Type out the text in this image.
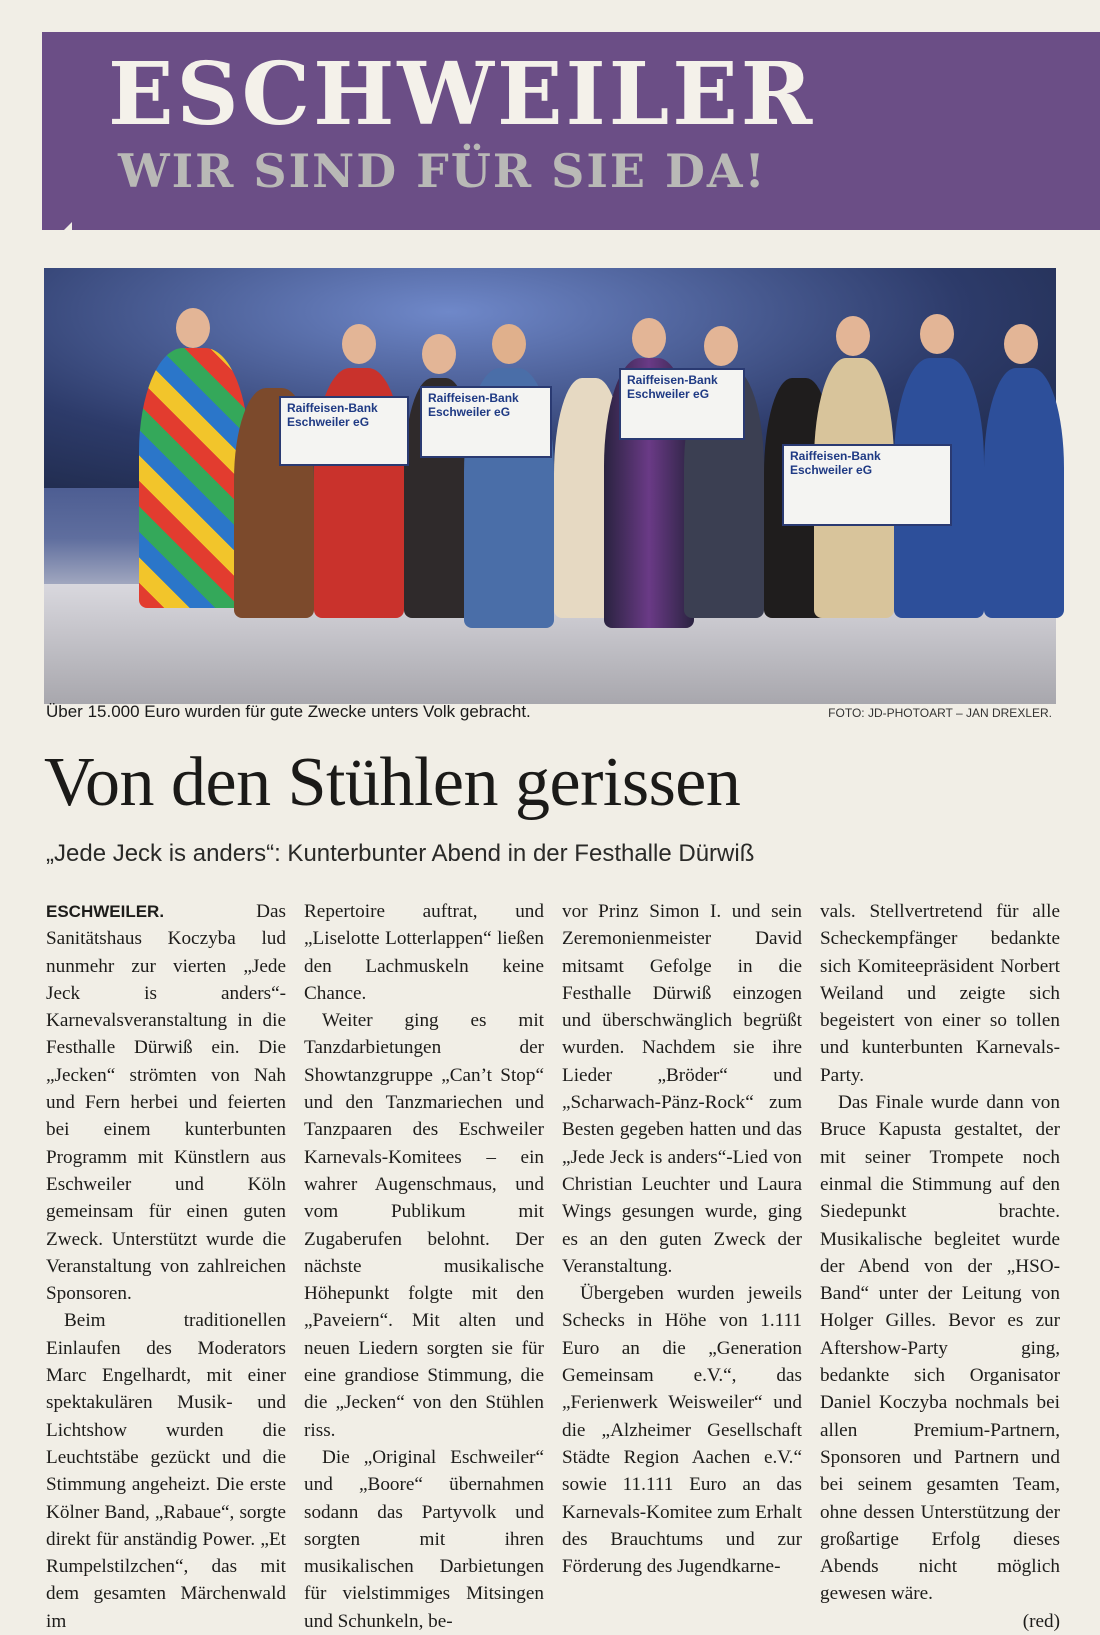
ESCHWEILER
WIR SIND FÜR SIE DA!
Raiffeisen-Bank
Eschweiler eG
Raiffeisen-Bank
Eschweiler eG
Raiffeisen-Bank
Eschweiler eG
Raiffeisen-Bank
Eschweiler eG
Über 15.000 Euro wurden für gute Zwecke unters Volk gebracht.	FOTO: JD-PHOTOART – JAN DREXLER.
Von den Stühlen gerissen
„Jede Jeck is anders“: Kunterbunter Abend in der Festhalle Dürwiß

ESCHWEILER.	Das Sanitätshaus Koczyba lud nunmehr zur vierten „Jede Jeck is anders“-Karnevalsveranstaltung in die Festhalle Dürwiß ein. Die „Jecken“ strömten von Nah und Fern herbei und feierten bei einem kunterbunten Programm mit Künstlern aus Eschweiler und Köln gemeinsam für einen guten Zweck. Unterstützt wurde die Veranstaltung von zahlreichen Sponsoren.

Beim traditionellen Einlaufen des Moderators Marc Engelhardt, mit einer spektakulären Musik- und Lichtshow wurden die Leuchtstäbe gezückt und die Stimmung angeheizt. Die erste Kölner Band, „Rabaue“, sorgte direkt für anständig Power. „Et Rumpelstilzchen“, das mit dem gesamten Märchenwald im

Repertoire auftrat, und „Liselotte Lotterlappen“ ließen den Lachmuskeln keine Chance.

Weiter ging es mit Tanzdarbietungen der Showtanzgruppe „Can’t Stop“ und den Tanzmariechen und Tanzpaaren des Eschweiler Karnevals-Komitees – ein wahrer Augenschmaus, und vom Publikum mit Zugaberufen belohnt. Der nächste musikalische Höhepunkt folgte mit den „Paveiern“. Mit alten und neuen Liedern sorgten sie für eine grandiose Stimmung, die die „Jecken“ von den Stühlen riss.

Die „Original Eschweiler“ und „Boore“ übernahmen sodann das Partyvolk und sorgten mit ihren musikalischen Darbietungen für vielstimmiges Mitsingen und Schunkeln, be-

vor Prinz Simon I. und sein Zeremonienmeister David mitsamt Gefolge in die Festhalle Dürwiß einzogen und überschwänglich begrüßt wurden. Nachdem sie ihre Lieder „Bröder“ und „Scharwach-Pänz-Rock“ zum Besten gegeben hatten und das „Jede Jeck is anders“-Lied von Christian Leuchter und Laura Wings gesungen wurde, ging es an den guten Zweck der Veranstaltung.

Übergeben wurden jeweils Schecks in Höhe von 1.111 Euro an die „Generation Gemeinsam e.V.“, das „Ferienwerk Weisweiler“ und die „Alzheimer Gesellschaft Städte Region Aachen e.V.“ sowie 11.111 Euro an das Karnevals-Komitee zum Erhalt des Brauchtums und zur Förderung des Jugendkarne-

vals. Stellvertretend für alle Scheckempfänger bedankte sich Komiteepräsident Norbert Weiland und zeigte sich begeistert von einer so tollen und kunterbunten Karnevals-Party.

Das Finale wurde dann von Bruce Kapusta gestaltet, der mit seiner Trompete noch einmal die Stimmung auf den Siedepunkt brachte. Musikalische begleitet wurde der Abend von der „HSO-Band“ unter der Leitung von Holger Gilles. Bevor es zur Aftershow-Party ging, bedankte sich Organisator Daniel Koczyba nochmals bei allen Premium-Partnern, Sponsoren und Partnern und bei seinem gesamten Team, ohne dessen Unterstützung der großartige Erfolg dieses Abends nicht möglich gewesen wäre.

(red)
